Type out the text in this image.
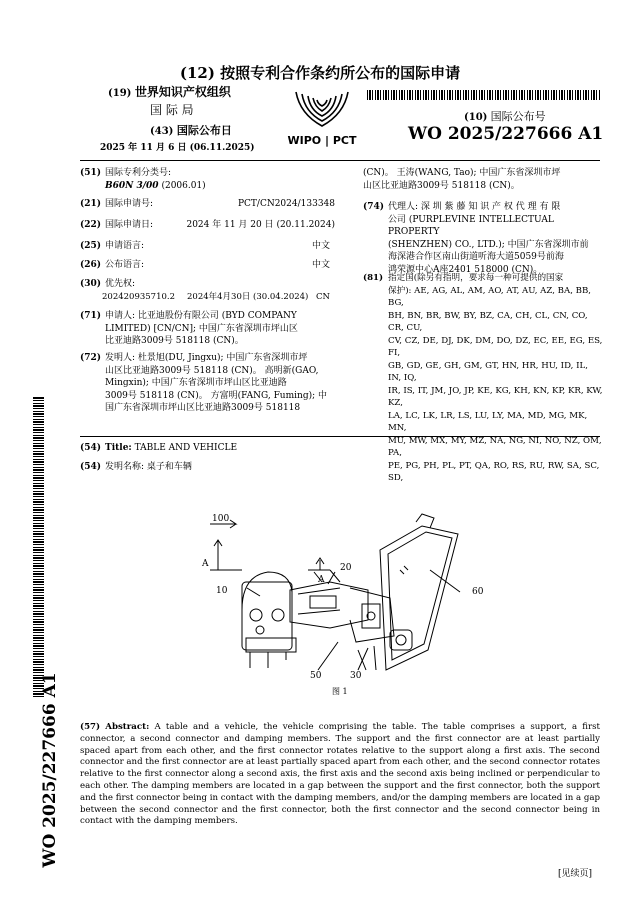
(12) 按照专利合作条约所公布的国际申请
(19) 世界知识产权组织
国 际 局
(43) 国际公布日
2025 年 11 月 6 日 (06.11.2025)
WIPO | PCT
(10) 国际公布号
WO 2025/227666 A1
(51) 国际专利分类号:
B60N 3/00 (2006.01)
(21) 国际申请号:	PCT/CN2024/133348
(22) 国际申请日:	2024 年 11 月 20 日 (20.11.2024)
(25) 申请语言:	中文
(26) 公布语言:	中文
(30) 优先权:

202420935710.2 2024年4月30日 (30.04.2024) CN
(71) 申请人: 比亚迪股份有限公司 (BYD COMPANY
LIMITED) [CN/CN]; 中国广东省深圳市坪山区
比亚迪路3009号 518118 (CN)。
(72) 发明人: 杜景旭(DU, Jingxu); 中国广东省深圳市坪
山区比亚迪路3009号 518118 (CN)。 高明新(GAO,
Mingxin); 中国广东省深圳市坪山区比亚迪路
3009号 518118 (CN)。 方富明(FANG, Fuming); 中
国广东省深圳市坪山区比亚迪路3009号 518118
(CN)。 王涛(WANG, Tao); 中国广东省深圳市坪
山区比亚迪路3009号 518118 (CN)。
(74) 代理人: 深 圳 紫 藤 知 识 产 权 代 理 有 限
公司 (PURPLEVINE INTELLECTUAL PROPERTY
(SHENZHEN) CO., LTD.); 中国广东省深圳市前
海深港合作区南山街道听海大道5059号前海
鸿荣源中心A座2401 518000 (CN)。
(81) 指定国(除另有指明，要求每一种可提供的国家
保护): AE, AG, AL, AM, AO, AT, AU, AZ, BA, BB, BG,
BH, BN, BR, BW, BY, BZ, CA, CH, CL, CN, CO, CR, CU,
CV, CZ, DE, DJ, DK, DM, DO, DZ, EC, EE, EG, ES, FI,
GB, GD, GE, GH, GM, GT, HN, HR, HU, ID, IL, IN, IQ,
IR, IS, IT, JM, JO, JP, KE, KG, KH, KN, KP, KR, KW, KZ,
LA, LC, LK, LR, LS, LU, LY, MA, MD, MG, MK, MN,
MU, MW, MX, MY, MZ, NA, NG, NI, NO, NZ, OM, PA,
PE, PG, PH, PL, PT, QA, RO, RS, RU, RW, SA, SC, SD,
(54) Title: TABLE AND VEHICLE
(54) 发明名称: 桌子和车辆
100
A
A
20
10	60
50	30
图 1
(57) Abstract: A table and a vehicle, the vehicle comprising the table. The table comprises a support, a first connector, a second connector and damping members. The support and the first connector are at least partially spaced apart from each other, and the first connector rotates relative to the support along a first axis. The second connector and the first connector are at least partially spaced apart from each other, and the second connector rotates relative to the first connector along a second axis, the first axis and the second axis being inclined or perpendicular to each other. The damping members are located in a gap between the support and the first connector, both the support and the first connector being in contact with the damping members, and/or the damping members are located in a gap between the second connector and the first connector, both the first connector and the second connector being in contact with the damping members.
WO 2025/227666 A1
[见续页]
